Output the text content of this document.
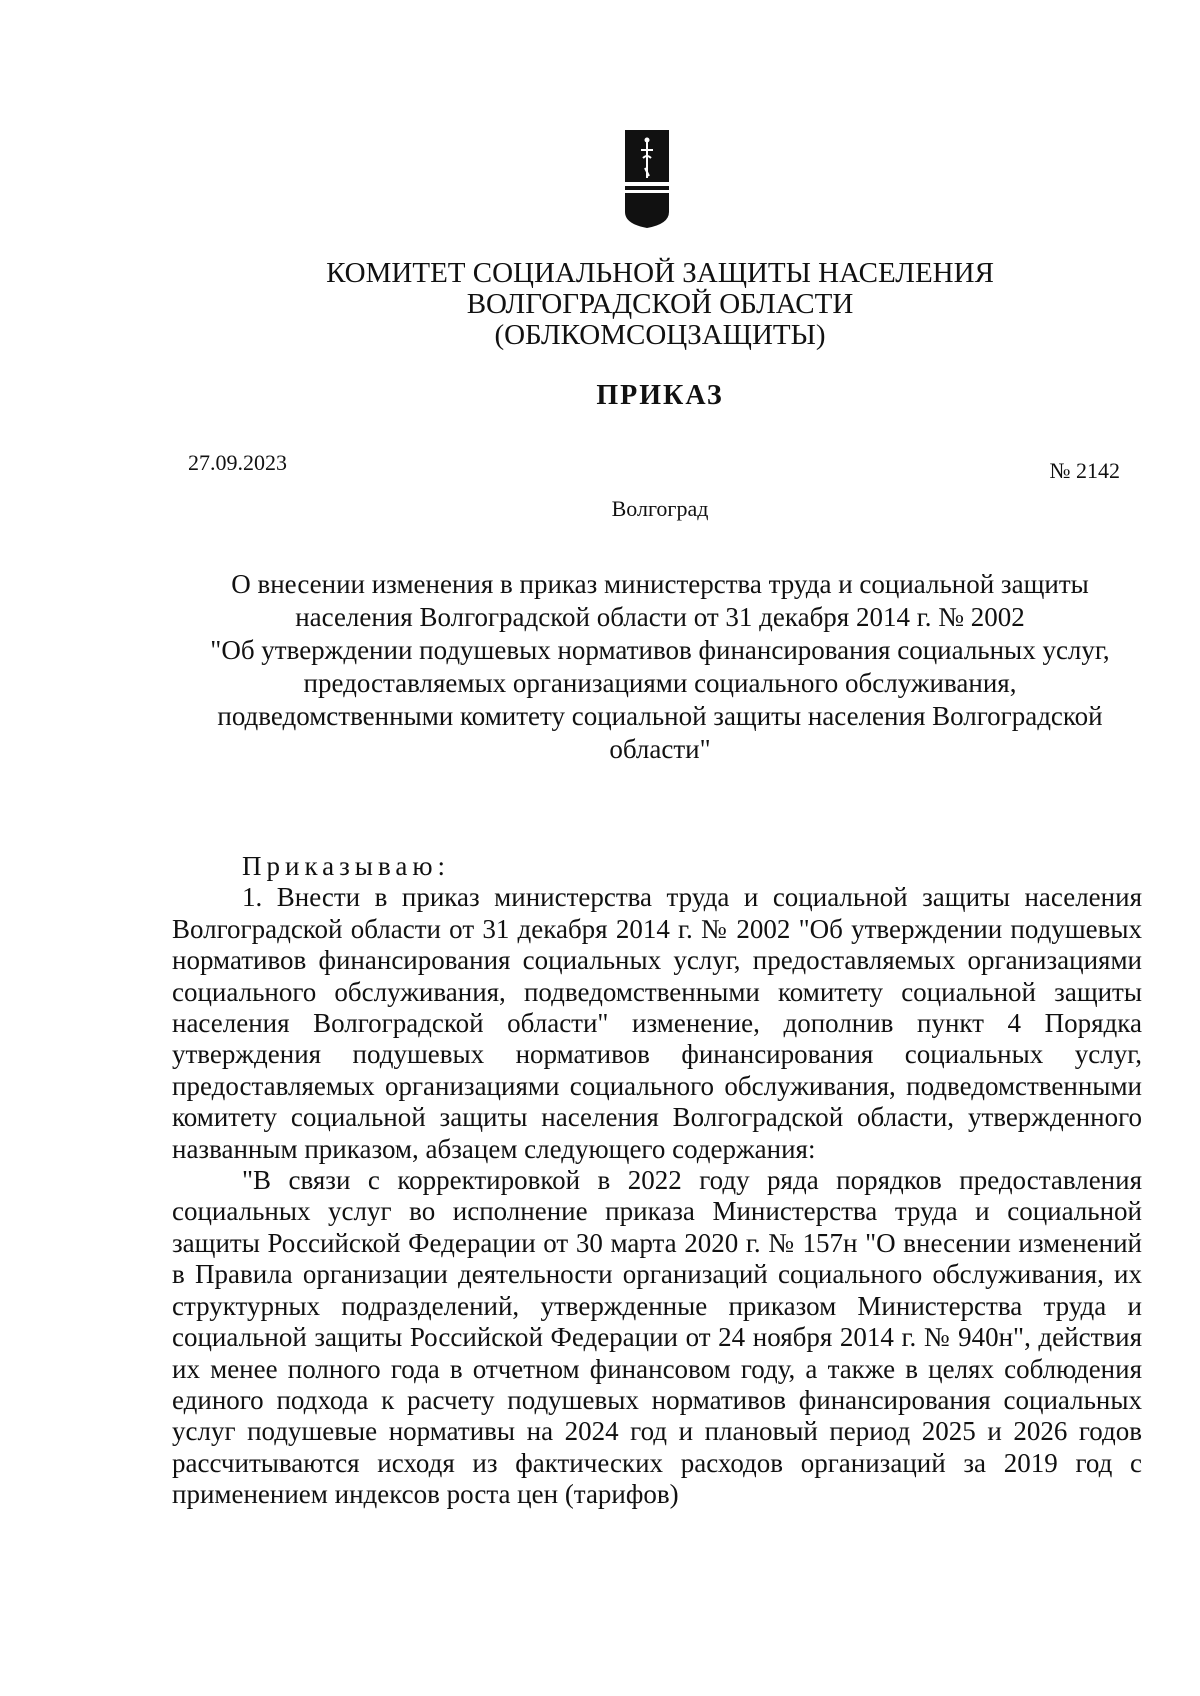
КОМИТЕТ СОЦИАЛЬНОЙ ЗАЩИТЫ НАСЕЛЕНИЯ
ВОЛГОГРАДСКОЙ ОБЛАСТИ
(ОБЛКОМСОЦЗАЩИТЫ)
ПРИКАЗ
27.09.2023	№ 2142
Волгоград
О внесении изменения в приказ министерства труда и социальной защиты
населения Волгоградской области от 31 декабря 2014 г. № 2002
"Об утверждении подушевых нормативов финансирования социальных услуг,
предоставляемых организациями социального обслуживания,
подведомственными комитету социальной защиты населения Волгоградской
области"

Приказываю:

1. Внести в приказ министерства труда и социальной защиты населения Волгоградской области от 31 декабря 2014 г. № 2002 "Об утверждении подушевых нормативов финансирования социальных услуг, предоставляемых организациями социального обслуживания, подведомственными комитету социальной защиты населения Волгоградской области" изменение, дополнив пункт 4 Порядка утверждения подушевых нормативов финансирования социальных услуг, предоставляемых организациями социального обслуживания, подведомственными комитету социальной защиты населения Волгоградской области, утвержденного названным приказом, абзацем следующего содержания:

"В связи с корректировкой в 2022 году ряда порядков предоставления социальных услуг во исполнение приказа Министерства труда и социальной защиты Российской Федерации от 30 марта 2020 г. № 157н "О внесении изменений в Правила организации деятельности организаций социального обслуживания, их структурных подразделений, утвержденные приказом Министерства труда и социальной защиты Российской Федерации от 24 ноября 2014 г. № 940н", действия их менее полного года в отчетном финансовом году, а также в целях соблюдения единого подхода к расчету подушевых нормативов финансирования социальных услуг подушевые нормативы на 2024 год и плановый период 2025 и 2026 годов рассчитываются исходя из фактических расходов организаций за 2019 год с применением индексов роста цен (тарифов)
